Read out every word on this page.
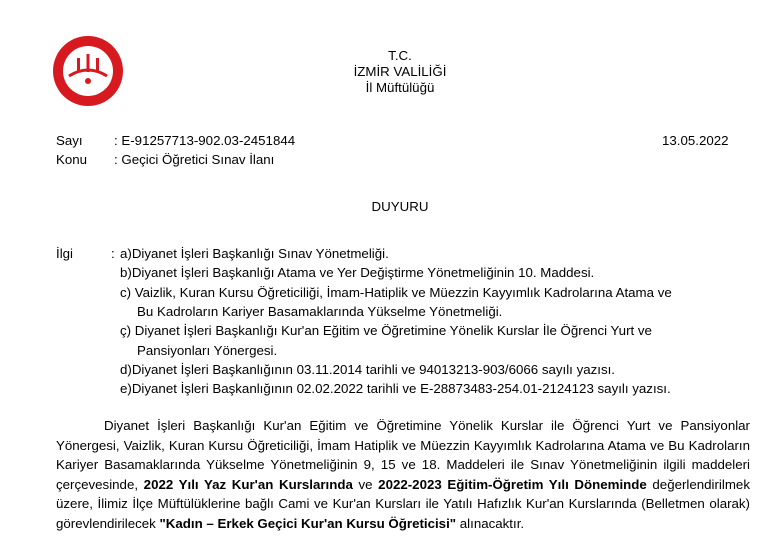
T.C.
İZMİR VALİLİĞİ
İl Müftülüğü
Sayı : E-91257713-902.03-2451844	13.05.2022
Konu : Geçici Öğretici Sınav İlanı
DUYURU
İlgi	: a)Diyanet İşleri Başkanlığı Sınav Yönetmeliği.
b)Diyanet İşleri Başkanlığı Atama ve Yer Değiştirme Yönetmeliğinin 10. Maddesi.
c) Vaizlik, Kuran Kursu Öğreticiliği, İmam-Hatiplik ve Müezzin Kayyımlık Kadrolarına Atama ve
Bu Kadroların Kariyer Basamaklarında Yükselme Yönetmeliği.
ç) Diyanet İşleri Başkanlığı Kur'an Eğitim ve Öğretimine Yönelik Kurslar İle Öğrenci Yurt ve
Pansiyonları Yönergesi.
d)Diyanet İşleri Başkanlığının 03.11.2014 tarihli ve 94013213-903/6066 sayılı yazısı.
e)Diyanet İşleri Başkanlığının 02.02.2022 tarihli ve E-28873483-254.01-2124123 sayılı yazısı.
Diyanet İşleri Başkanlığı Kur'an Eğitim ve Öğretimine Yönelik Kurslar ile Öğrenci Yurt ve Pansiyonlar Yönergesi, Vaizlik, Kuran Kursu Öğreticiliği, İmam Hatiplik ve Müezzin Kayyımlık Kadrolarına Atama ve Bu Kadroların Kariyer Basamaklarında Yükselme Yönetmeliğinin 9, 15 ve 18. Maddeleri ile Sınav Yönetmeliğinin ilgili maddeleri çerçevesinde, 2022 Yılı Yaz Kur'an Kurslarında ve 2022-2023 Eğitim-Öğretim Yılı Döneminde değerlendirilmek üzere, İlimiz İlçe Müftülüklerine bağlı Cami ve Kur'an Kursları ile Yatılı Hafızlık Kur'an Kurslarında (Belletmen olarak) görevlendirilecek "Kadın – Erkek Geçici Kur'an Kursu Öğreticisi" alınacaktır.
